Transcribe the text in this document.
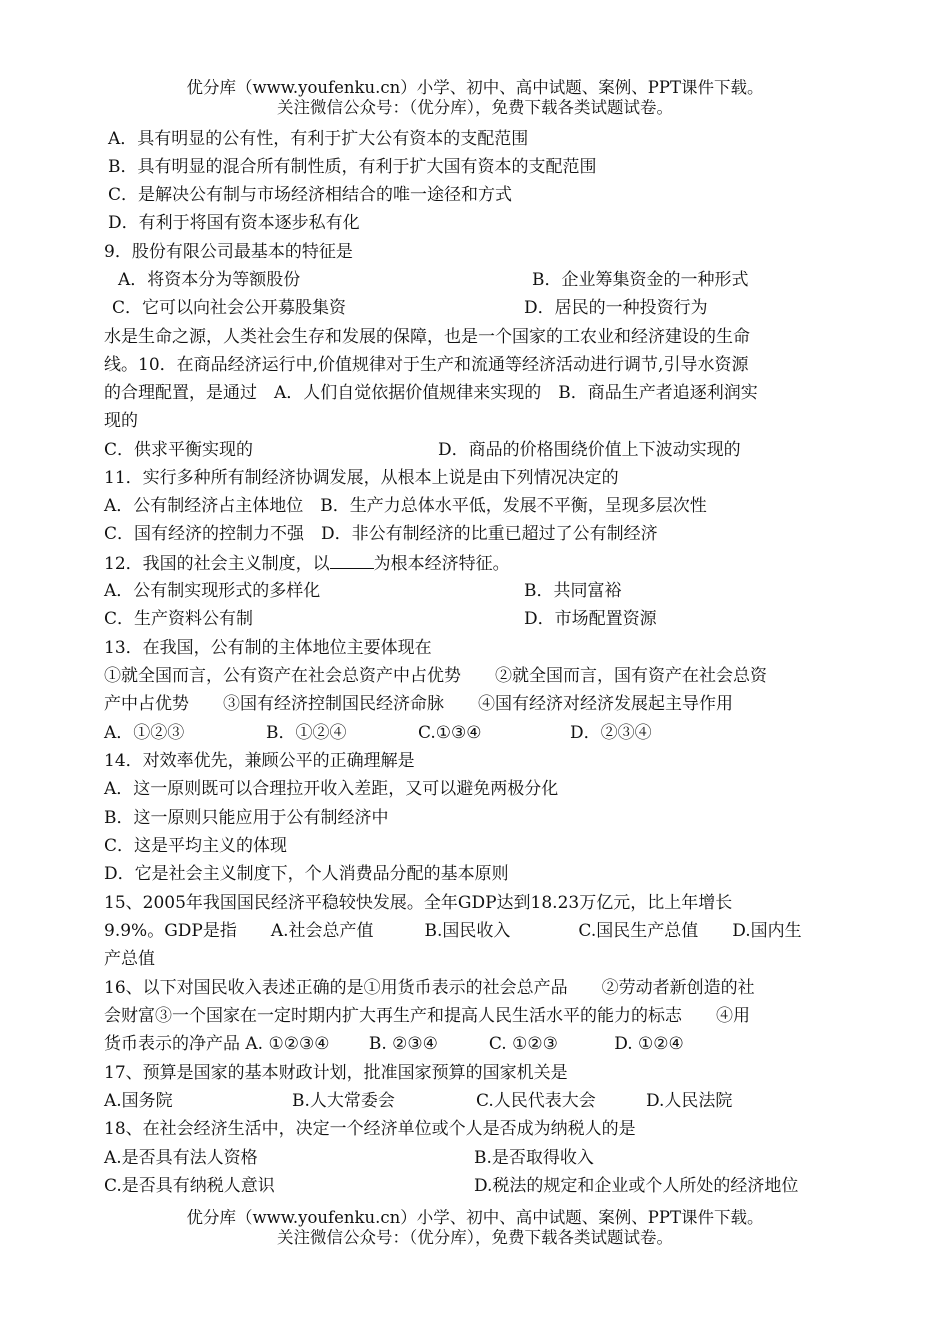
优分库（www.youfenku.cn）小学、初中、高中试题、案例、PPT课件下载。
关注微信公众号：（优分库），免费下载各类试题试卷。
A．具有明显的公有性，有利于扩大公有资本的支配范围
B．具有明显的混合所有制性质，有利于扩大国有资本的支配范围
C．是解决公有制与市场经济相结合的唯一途径和方式
D．有利于将国有资本逐步私有化
9．股份有限公司最基本的特征是
A．将资本分为等额股份	B．企业筹集资金的一种形式
C．它可以向社会公开募股集资	D．居民的一种投资行为
水是生命之源，人类社会生存和发展的保障，也是一个国家的工农业和经济建设的生命
线。10．在商品经济运行中,价值规律对于生产和流通等经济活动进行调节,引导水资源
的合理配置，是通过　A．人们自觉依据价值规律来实现的　B．商品生产者追逐利润实
现的
C．供求平衡实现的	D．商品的价格围绕价值上下波动实现的
11．实行多种所有制经济协调发展，从根本上说是由下列情况决定的
A．公有制经济占主体地位　B．生产力总体水平低，发展不平衡，呈现多层次性
C．国有经济的控制力不强　D．非公有制经济的比重已超过了公有制经济
12．我国的社会主义制度，以	为根本经济特征。
A．公有制实现形式的多样化	B．共同富裕
C．生产资料公有制	D．市场配置资源
13．在我国，公有制的主体地位主要体现在
①就全国而言，公有资产在社会总资产中占优势　　②就全国而言，国有资产在社会总资
产中占优势　　③国有经济控制国民经济命脉　　④国有经济对经济发展起主导作用
A．①②③	B．①②④	C.①③④	D．②③④
14．对效率优先，兼顾公平的正确理解是
A．这一原则既可以合理拉开收入差距，又可以避免两极分化
B．这一原则只能应用于公有制经济中
C．这是平均主义的体现
D．它是社会主义制度下，个人消费品分配的基本原则
15、2005年我国国民经济平稳较快发展。全年GDP达到18.23万亿元，比上年增长
9.9%。GDP是指　　A.社会总产值　　　B.国民收入　　　　C.国民生产总值　　D.国内生
产总值
16、以下对国民收入表述正确的是①用货币表示的社会总产品　　②劳动者新创造的社
会财富③一个国家在一定时期内扩大再生产和提高人民生活水平的能力的标志　　④用
货币表示的净产品 A. ①②③④　　 B. ②③④　　　C. ①②③　　　 D. ①②④
17、预算是国家的基本财政计划，批准国家预算的国家机关是
A.国务院	B.人大常委会	C.人民代表大会	D.人民法院
18、在社会经济生活中，决定一个经济单位或个人是否成为纳税人的是
A.是否具有法人资格	B.是否取得收入
C.是否具有纳税人意识	D.税法的规定和企业或个人所处的经济地位
优分库（www.youfenku.cn）小学、初中、高中试题、案例、PPT课件下载。
关注微信公众号：（优分库），免费下载各类试题试卷。
